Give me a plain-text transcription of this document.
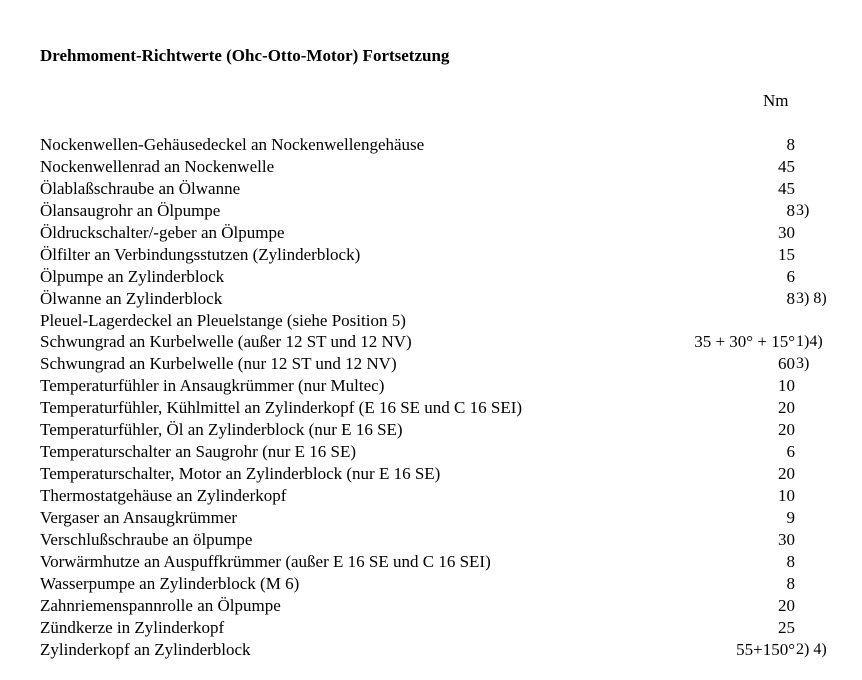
Drehmoment-Richtwerte (Ohc-Otto-Motor) Fortsetzung
Nm
Nockenwellen-Gehäusedeckel an Nockenwellengehäuse	8
Nockenwellenrad an Nockenwelle	45
Ölablaßschraube an Ölwanne	45
Ölansaugrohr an Ölpumpe	8 3)
Öldruckschalter/-geber an Ölpumpe	30
Ölfilter an Verbindungsstutzen (Zylinderblock)	15
Ölpumpe an Zylinderblock	6
Ölwanne an Zylinderblock	8 3) 8)
Pleuel-Lagerdeckel an Pleuelstange (siehe Position 5)
Schwungrad an Kurbelwelle (außer 12 ST und 12 NV)	35 + 30° + 15° 1)4)
Schwungrad an Kurbelwelle (nur 12 ST und 12 NV)	60 3)
Temperaturfühler in Ansaugkrümmer (nur Multec)	10
Temperaturfühler, Kühlmittel an Zylinderkopf (E 16 SE und C 16 SEI)	20
Temperaturfühler, Öl an Zylinderblock (nur E 16 SE)	20
Temperaturschalter an Saugrohr (nur E 16 SE)	6
Temperaturschalter, Motor an Zylinderblock (nur E 16 SE)	20
Thermostatgehäuse an Zylinderkopf	10
Vergaser an Ansaugkrümmer	9
Verschlußschraube an ölpumpe	30
Vorwärmhutze an Auspuffkrümmer (außer E 16 SE und C 16 SEI)	8
Wasserpumpe an Zylinderblock (M 6)	8
Zahnriemenspannrolle an Ölpumpe	20
Zündkerze in Zylinderkopf	25
Zylinderkopf an Zylinderblock	55+150° 2) 4)
